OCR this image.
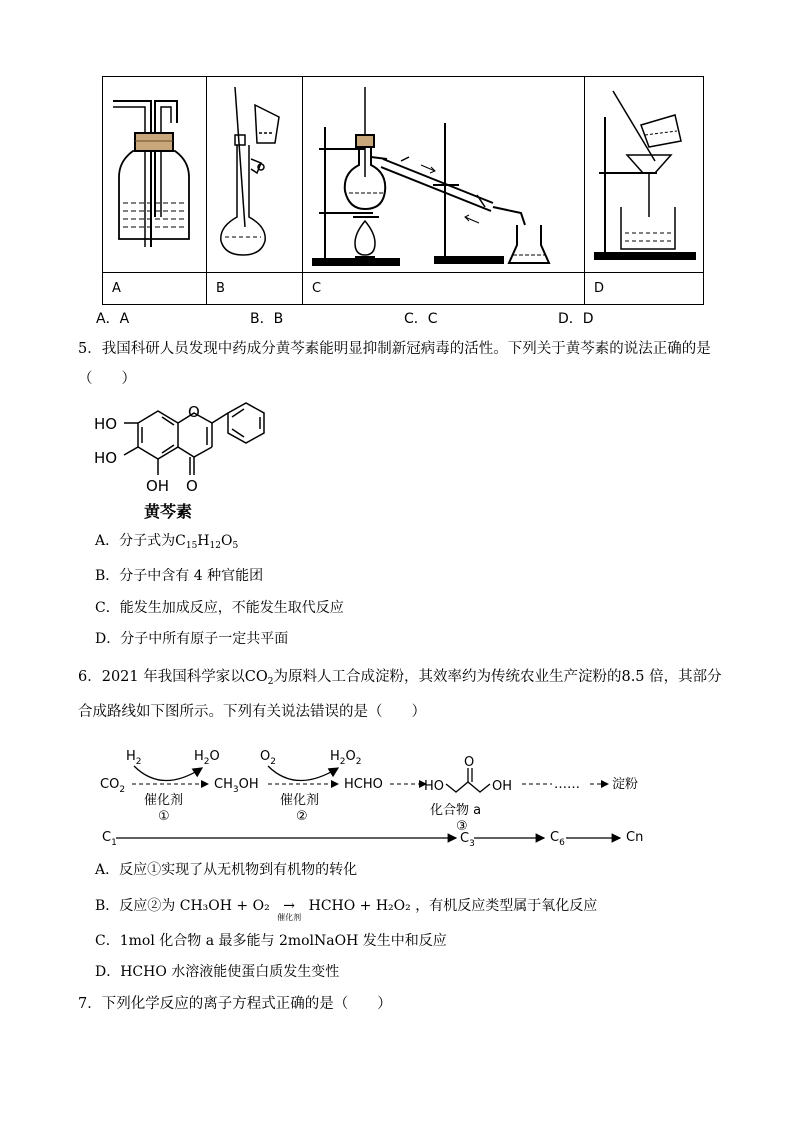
A	B	C	D
A．A	B．B	C．C	D．D
5．我国科研人员发现中药成分黄芩素能明显抑制新冠病毒的活性。下列关于黄芩素的说法正确的是
（　　）
HO
HO
OH
O
O
黄芩素
A．分子式为$C_{15}H_{12}O_5$
B．分子中含有 4 种官能团
C．能发生加成反应，不能发生取代反应
D．分子中所有原子一定共平面
6．2021 年我国科学家以$CO_2$为原料人工合成淀粉，其效率约为传统农业生产淀粉的8.5 倍，其部分
合成路线如下图所示。下列有关说法错误的是（　　）
$H_2$	$H_2O$	$O_2$	$H_2O_2$
$CO_2$	$CH_3OH$	HCHO	HO
O
OH	…… 淀粉
催化剂
①
催化剂
②	化合物 a
③
$C_1$	$C_3$	$C_6$	Cn
A．反应①实现了从无机物到有机物的转化
B．反应②为 CH₃OH + O₂ →
催化剂
HCHO + H₂O₂ ，有机反应类型属于氧化反应
C．1mol 化合物 a 最多能与 2molNaOH 发生中和反应
D．HCHO 水溶液能使蛋白质发生变性
7．下列化学反应的离子方程式正确的是（　　）
